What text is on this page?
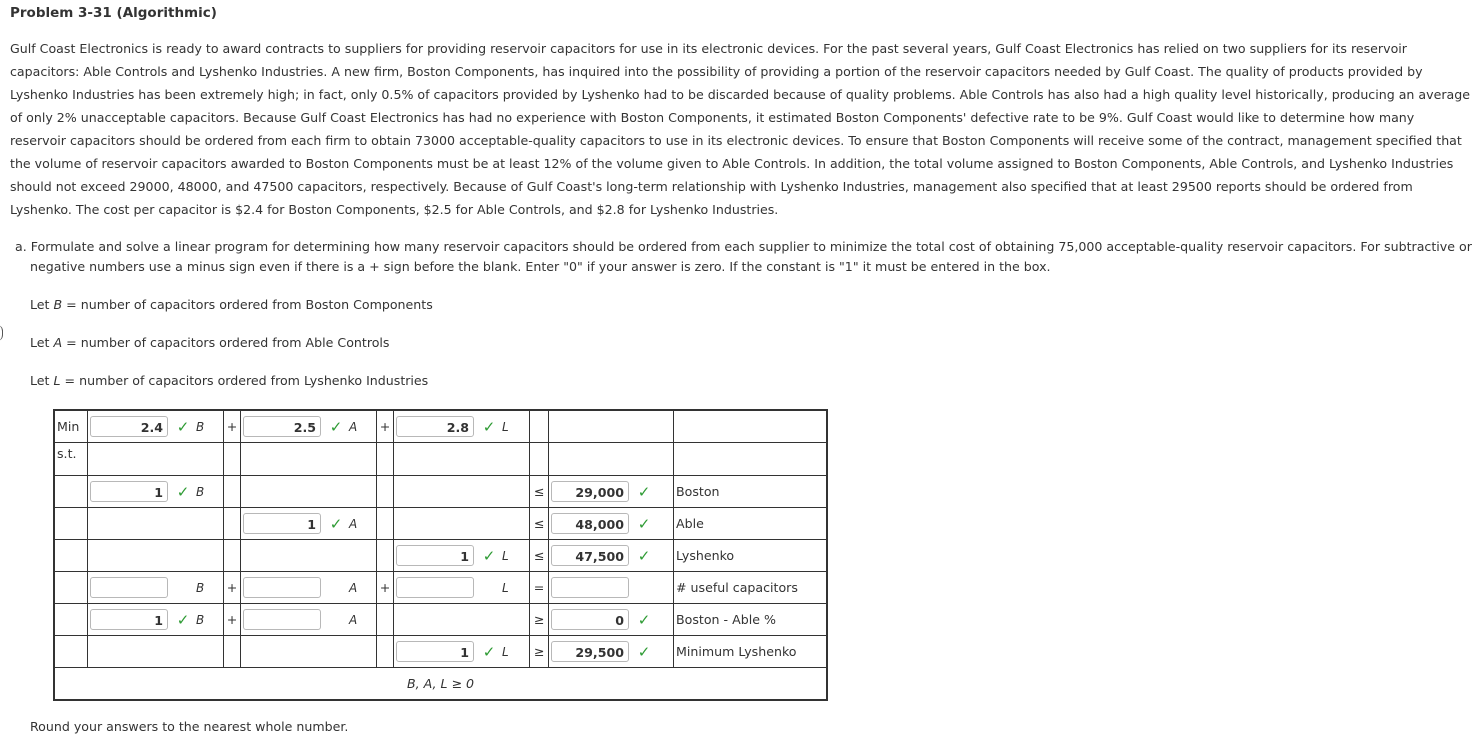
Problem 3-31 (Algorithmic)
Gulf Coast Electronics is ready to award contracts to suppliers for providing reservoir capacitors for use in its electronic devices. For the past several years, Gulf Coast Electronics has relied on two suppliers for its reservoir capacitors: Able Controls and Lyshenko Industries. A new firm, Boston Components, has inquired into the possibility of providing a portion of the reservoir capacitors needed by Gulf Coast. The quality of products provided by Lyshenko Industries has been extremely high; in fact, only 0.5% of capacitors provided by Lyshenko had to be discarded because of quality problems. Able Controls has also had a high quality level historically, producing an average of only 2% unacceptable capacitors. Because Gulf Coast Electronics has had no experience with Boston Components, it estimated Boston Components' defective rate to be 9%. Gulf Coast would like to determine how many reservoir capacitors should be ordered from each firm to obtain 73000 acceptable-quality capacitors to use in its electronic devices. To ensure that Boston Components will receive some of the contract, management specified that the volume of reservoir capacitors awarded to Boston Components must be at least 12% of the volume given to Able Controls. In addition, the total volume assigned to Boston Components, Able Controls, and Lyshenko Industries should not exceed 29000, 48000, and 47500 capacitors, respectively. Because of Gulf Coast's long-term relationship with Lyshenko Industries, management also specified that at least 29500 reports should be ordered from Lyshenko. The cost per capacitor is $2.4 for Boston Components, $2.5 for Able Controls, and $2.8 for Lyshenko Industries.
a. Formulate and solve a linear program for determining how many reservoir capacitors should be ordered from each supplier to minimize the total cost of obtaining 75,000 acceptable-quality reservoir capacitors. For subtractive or negative numbers use a minus sign even if there is a + sign before the blank. Enter "0" if your answer is zero. If the constant is "1" it must be entered in the box.
Let B = number of capacitors ordered from Boston Components
Let A = number of capacitors ordered from Able Controls
Let L = number of capacitors ordered from Lyshenko Industries
Min	2.4 ✓ B	+	2.5 ✓ A	+	2.8 ✓ L			

s.t.								

	1 ✓ B					≤	29,000 ✓	Boston

			1 ✓ A			≤	48,000 ✓	Able

					1 ✓ L	≤	47,500 ✓	Lyshenko

	B	+	A	+	L	=		# useful capacitors

	1 ✓ B	+	A			≥	0 ✓	Boston - Able %

					1 ✓ L	≥	29,500 ✓	Minimum Lyshenko
B, A, L ≥ 0								
Round your answers to the nearest whole number.
